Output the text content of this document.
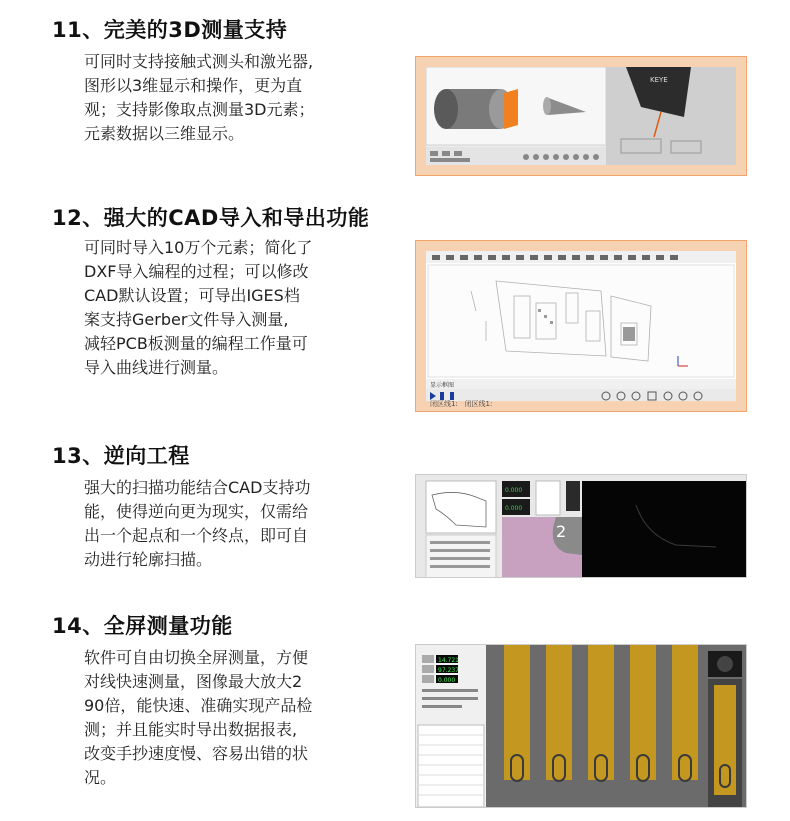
11、完美的3D测量支持
可同时支持接触式测头和激光器,
图形以3维显示和操作，更为直
观；支持影像取点测量3D元素；
元素数据以三维显示。
KEYE
12、强大的CAD导入和导出功能
可同时导入10万个元素；简化了
DXF导入编程的过程；可以修改
CAD默认设置；可导出IGES档
案支持Gerber文件导入测量,
减轻PCB板测量的编程工作量可
导入曲线进行测量。
显示框 图
闭区线1: 闭区线1:
13、逆向工程
强大的扫描功能结合CAD支持功
能，使得逆向更为现实，仅需给
出一个起点和一个终点，即可自
动进行轮廓扫描。
0.000
0.000
2
14、全屏测量功能
软件可自由切换全屏测量，方便
对线快速测量，图像最大放大2
90倍，能快速、准确实现产品检
测；并且能实时导出数据报表,
改变手抄速度慢、容易出错的状
况。
14.721
97.237
0.000
